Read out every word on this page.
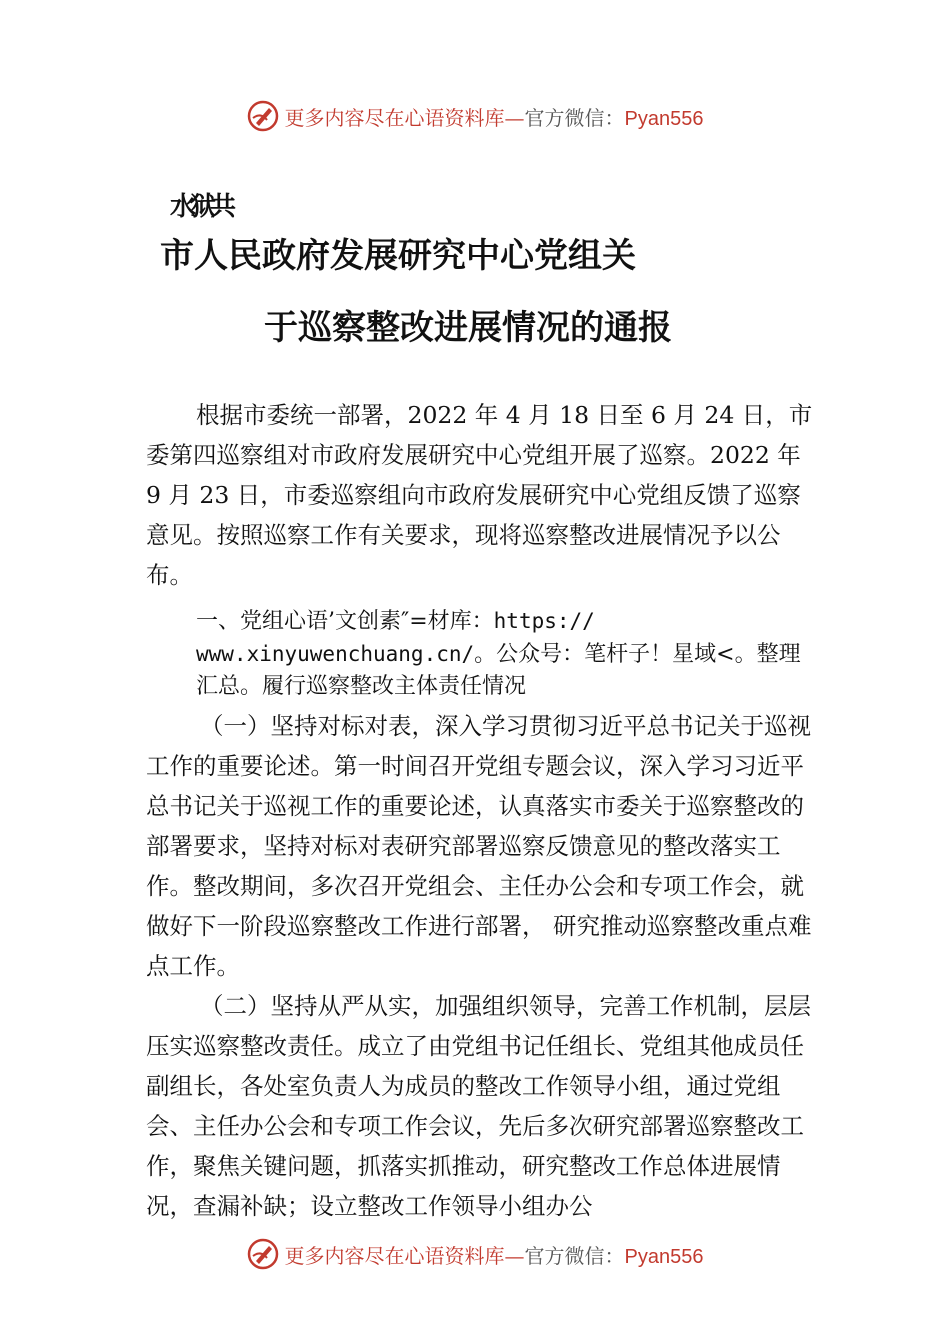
更多内容尽在心语资料库—官方微信：Pyan556
水狱共
市人民政府发展研究中心党组关
于巡察整改进展情况的通报
根据市委统一部署，2022 年 4 月 18 日至 6 月 24 日，市委第四巡察组对市政府发展研究中心党组开展了巡察。2022 年 9 月 23 日，市委巡察组向市政府发展研究中心党组反馈了巡察意见。按照巡察工作有关要求，现将巡察整改进展情况予以公布。
一、党组心语’文创素″=材库：https://
www.xinyuwenchuang.cn/。公众号：笔杆子！星域<。整理汇总。履行巡察整改主体责任情况
（一）坚持对标对表，深入学习贯彻习近平总书记关于巡视工作的重要论述。第一时间召开党组专题会议，深入学习习近平总书记关于巡视工作的重要论述，认真落实市委关于巡察整改的部署要求，坚持对标对表研究部署巡察反馈意见的整改落实工作。整改期间，多次召开党组会、主任办公会和专项工作会，就做好下一阶段巡察整改工作进行部署， 研究推动巡察整改重点难点工作。
（二）坚持从严从实，加强组织领导，完善工作机制，层层压实巡察整改责任。成立了由党组书记任组长、党组其他成员任副组长，各处室负责人为成员的整改工作领导小组，通过党组会、主任办公会和专项工作会议，先后多次研究部署巡察整改工作，聚焦关键问题，抓落实抓推动，研究整改工作总体进展情况，查漏补缺；设立整改工作领导小组办公
更多内容尽在心语资料库—官方微信：Pyan556
